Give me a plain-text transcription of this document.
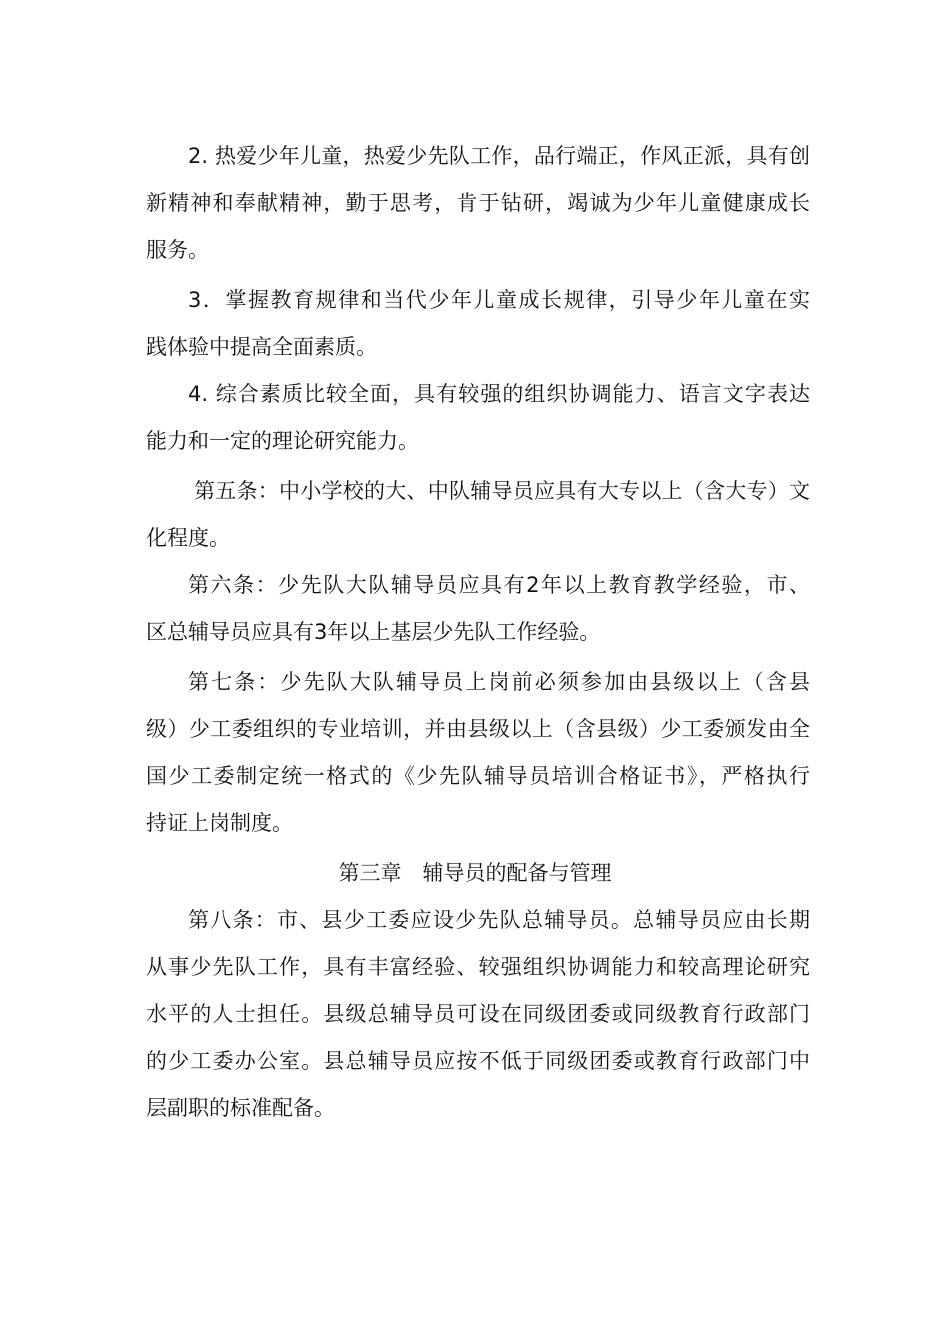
2. 热爱少年儿童，热爱少先队工作，品行端正，作风正派，具有创
新精神和奉献精神，勤于思考，肯于钻研，竭诚为少年儿童健康成长
服务。
3．掌握教育规律和当代少年儿童成长规律，引导少年儿童在实
践体验中提高全面素质。
4. 综合素质比较全面，具有较强的组织协调能力、语言文字表达
能力和一定的理论研究能力。
第五条：中小学校的大、中队辅导员应具有大专以上（含大专）文
化程度。
第六条：少先队大队辅导员应具有2年以上教育教学经验，市、
区总辅导员应具有3年以上基层少先队工作经验。
第七条：少先队大队辅导员上岗前必须参加由县级以上（含县
级）少工委组织的专业培训，并由县级以上（含县级）少工委颁发由全
国少工委制定统一格式的《少先队辅导员培训合格证书》，严格执行
持证上岗制度。
第三章　辅导员的配备与管理
第八条：市、县少工委应设少先队总辅导员。总辅导员应由长期
从事少先队工作，具有丰富经验、较强组织协调能力和较高理论研究
水平的人士担任。县级总辅导员可设在同级团委或同级教育行政部门
的少工委办公室。县总辅导员应按不低于同级团委或教育行政部门中
层副职的标准配备。
